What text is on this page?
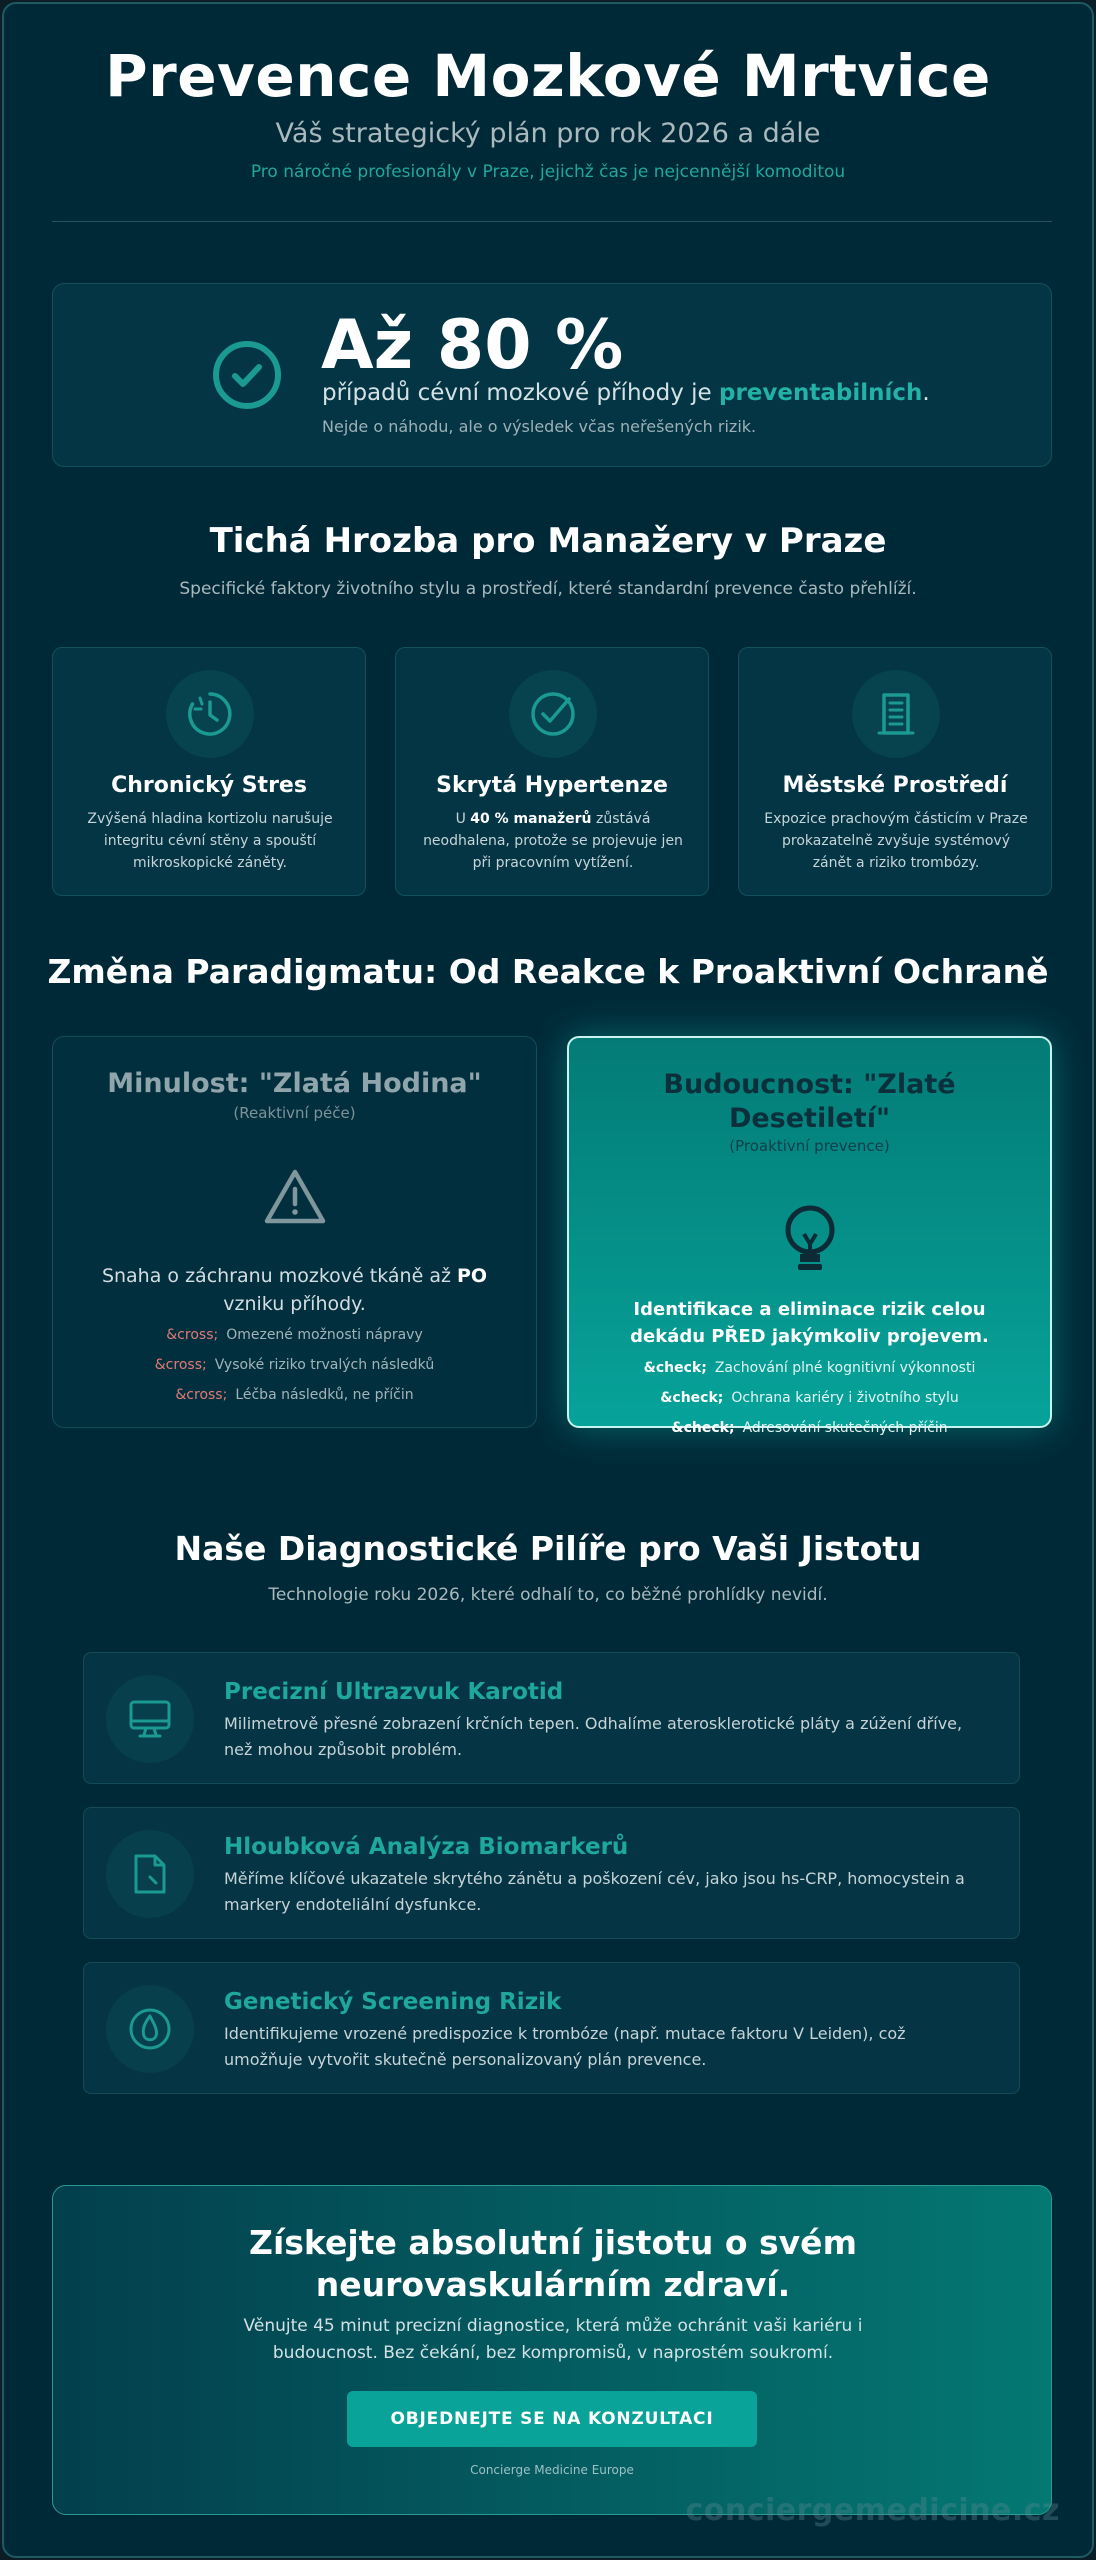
Prevence Mozkové Mrtvice
Váš strategický plán pro rok 2026 a dále
Pro náročné profesionály v Praze, jejichž čas je nejcennější komoditou
Až 80 %
případů cévní mozkové příhody je preventabilních.
Nejde o náhodu, ale o výsledek včas neřešených rizik.
Tichá Hrozba pro Manažery v Praze
Specifické faktory životního stylu a prostředí, které standardní prevence často přehlíží.
Chronický Stres
Zvýšená hladina kortizolu narušuje integritu cévní stěny a spouští mikroskopické záněty.
Skrytá Hypertenze
U 40 % manažerů zůstává neodhalena, protože se projevuje jen při pracovním vytížení.
Městské Prostředí
Expozice prachovým částicím v Praze prokazatelně zvyšuje systémový zánět a riziko trombózy.
Změna Paradigmatu: Od Reakce k Proaktivní Ochraně
Minulost: "Zlatá Hodina"
(Reaktivní péče)
Snaha o záchranu mozkové tkáně až PO vzniku příhody.
&cross; Omezené možnosti nápravy
&cross; Vysoké riziko trvalých následků
&cross; Léčba následků, ne příčin
Budoucnost: "Zlaté Desetiletí"
(Proaktivní prevence)
Identifikace a eliminace rizik celou dekádu PŘED jakýmkoliv projevem.
&check; Zachování plné kognitivní výkonnosti
&check; Ochrana kariéry i životního stylu
&check; Adresování skutečných příčin
Naše Diagnostické Pilíře pro Vaši Jistotu
Technologie roku 2026, které odhalí to, co běžné prohlídky nevidí.
Precizní Ultrazvuk Karotid
Milimetrově přesné zobrazení krčních tepen. Odhalíme aterosklerotické pláty a zúžení dříve, než mohou způsobit problém.
Hloubková Analýza Biomarkerů
Měříme klíčové ukazatele skrytého zánětu a poškození cév, jako jsou hs-CRP, homocystein a markery endoteliální dysfunkce.
Genetický Screening Rizik
Identifikujeme vrozené predispozice k trombóze (např. mutace faktoru V Leiden), což umožňuje vytvořit skutečně personalizovaný plán prevence.
Získejte absolutní jistotu o svém neurovaskulárním zdraví.
Věnujte 45 minut precizní diagnostice, která může ochránit vaši kariéru i budoucnost. Bez čekání, bez kompromisů, v naprostém soukromí.
OBJEDNEJTE SE NA KONZULTACI
Concierge Medicine Europe
conciergemedicine.cz
